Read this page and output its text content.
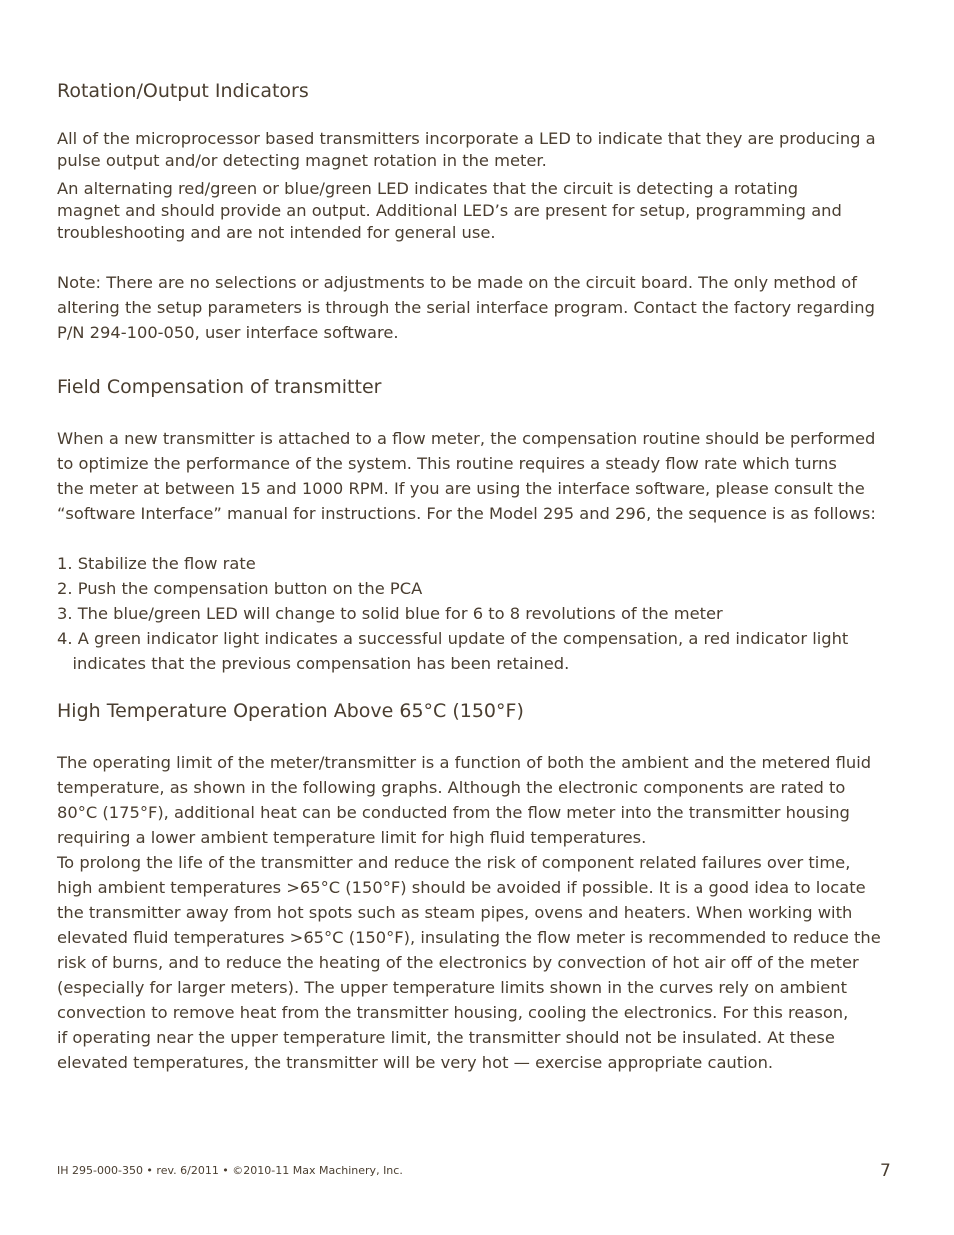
Rotation/Output Indicators
All of the microprocessor based transmitters incorporate a LED to indicate that they are producing a
pulse output and/or detecting magnet rotation in the meter.
An alternating red/green or blue/green LED indicates that the circuit is detecting a rotating
magnet and should provide an output. Additional LED’s are present for setup, programming and
troubleshooting and are not intended for general use.
Note: There are no selections or adjustments to be made on the circuit board. The only method of
altering the setup parameters is through the serial interface program. Contact the factory regarding
P/N 294-100-050, user interface software.
Field Compensation of transmitter
When a new transmitter is attached to a flow meter, the compensation routine should be performed
to optimize the performance of the system. This routine requires a steady flow rate which turns
the meter at between 15 and 1000 RPM. If you are using the interface software, please consult the
“software Interface” manual for instructions. For the Model 295 and 296, the sequence is as follows:
1. Stabilize the flow rate
2. Push the compensation button on the PCA
3. The blue/green LED will change to solid blue for 6 to 8 revolutions of the meter
4. A green indicator light indicates a successful update of the compensation, a red indicator light
indicates that the previous compensation has been retained.
High Temperature Operation Above 65°C (150°F)
The operating limit of the meter/transmitter is a function of both the ambient and the metered fluid
temperature, as shown in the following graphs. Although the electronic components are rated to
80°C (175°F), additional heat can be conducted from the flow meter into the transmitter housing
requiring a lower ambient temperature limit for high fluid temperatures.
To prolong the life of the transmitter and reduce the risk of component related failures over time,
high ambient temperatures >65°C (150°F) should be avoided if possible. It is a good idea to locate
the transmitter away from hot spots such as steam pipes, ovens and heaters. When working with
elevated fluid temperatures >65°C (150°F), insulating the flow meter is recommended to reduce the
risk of burns, and to reduce the heating of the electronics by convection of hot air off of the meter
(especially for larger meters). The upper temperature limits shown in the curves rely on ambient
convection to remove heat from the transmitter housing, cooling the electronics. For this reason,
if operating near the upper temperature limit, the transmitter should not be insulated. At these
elevated temperatures, the transmitter will be very hot — exercise appropriate caution.
IH 295-000-350 • rev. 6/2011 • ©2010-11 Max Machinery, Inc.	7
